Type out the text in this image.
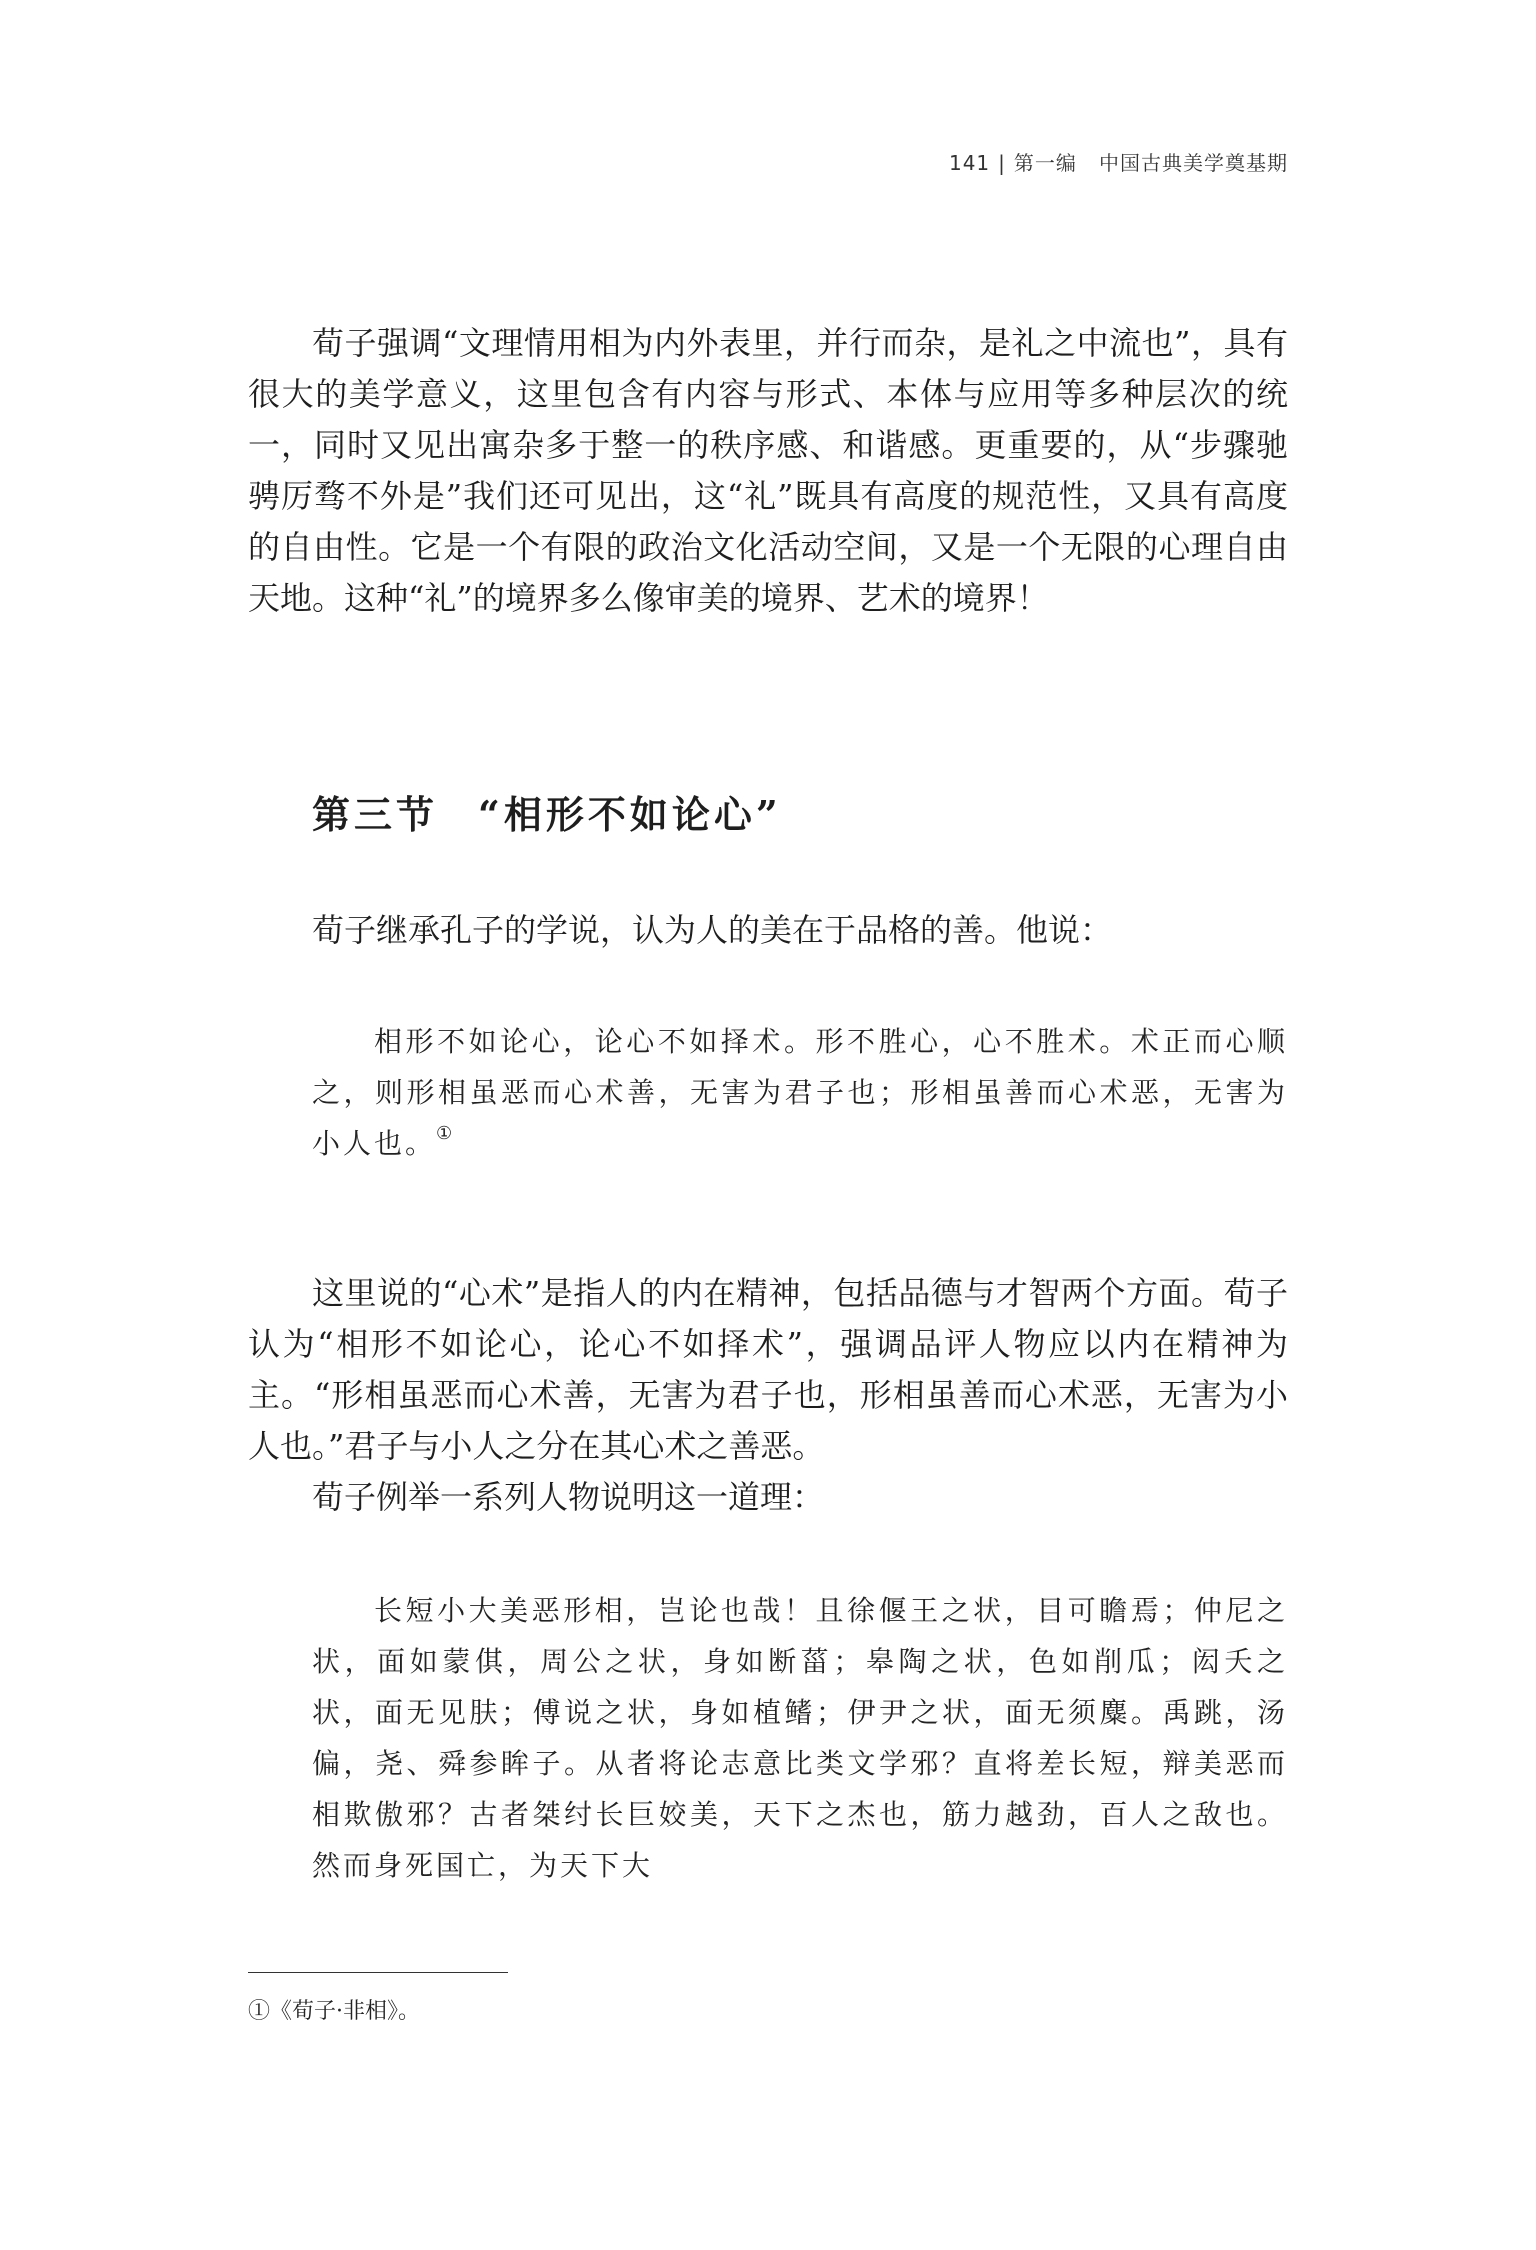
141 | 第一编 中国古典美学奠基期

荀子强调“文理情用相为内外表里，并行而杂，是礼之中流也”，具有很大的美学意义，这里包含有内容与形式、本体与应用等多种层次的统一，同时又见出寓杂多于整一的秩序感、和谐感。更重要的，从“步骤驰骋厉骛不外是”我们还可见出，这“礼”既具有高度的规范性，又具有高度的自由性。它是一个有限的政治文化活动空间，又是一个无限的心理自由天地。这种“礼”的境界多么像审美的境界、艺术的境界！

第三节 “相形不如论心”

荀子继承孔子的学说，认为人的美在于品格的善。他说：

相形不如论心，论心不如择术。形不胜心，心不胜术。术正而心顺之，则形相虽恶而心术善，无害为君子也；形相虽善而心术恶，无害为小人也。①

这里说的“心术”是指人的内在精神，包括品德与才智两个方面。荀子认为“相形不如论心，论心不如择术”，强调品评人物应以内在精神为主。“形相虽恶而心术善，无害为君子也，形相虽善而心术恶，无害为小人也。”君子与小人之分在其心术之善恶。

荀子例举一系列人物说明这一道理：

长短小大美恶形相，岂论也哉！且徐偃王之状，目可瞻焉；仲尼之状，面如蒙倛，周公之状，身如断菑；皋陶之状，色如削瓜；闳夭之状，面无见肤；傅说之状，身如植鳍；伊尹之状，面无须麋。禹跳，汤偏，尧、舜参眸子。从者将论志意比类文学邪？直将差长短，辩美恶而相欺傲邪？古者桀纣长巨姣美，天下之杰也，筋力越劲，百人之敌也。然而身死国亡，为天下大

①《荀子·非相》。
